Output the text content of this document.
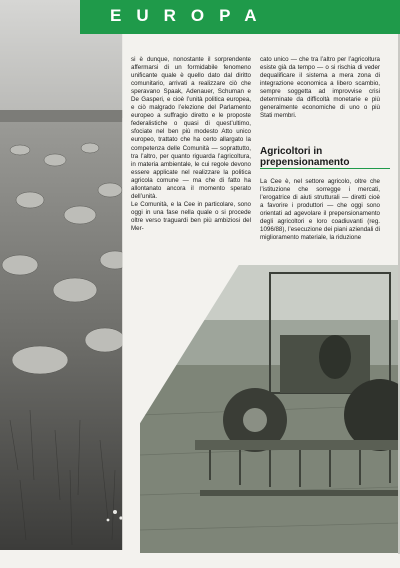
EUROPA

si è dunque, nonostante il sorprendente affermarsi di un formidabile fenomeno unificante quale è quello dato dal diritto comunitario, arrivati a realizzare ciò che speravano Spaak, Adenauer, Schuman e De Gasperi, e cioè l’unità politica europea, e ciò malgrado l’elezione del Parlamento europeo a suffragio diretto e le proposte federalistiche o quasi di quest’ultimo, sfociate nel ben più modesto Atto unico europeo, trattato che ha certo allargato la competenza delle Comunità — soprattutto, tra l’altro, per quanto riguarda l’agricoltura, in materia ambientale, le cui regole devono essere applicate nel realizzare la politica agricola comune — ma che di fatto ha allontanato ancora il momento sperato dell’unità.

Le Comunità, e la Cee in particolare, sono oggi in una fase nella quale o si procede oltre verso traguardi ben più ambiziosi del Mer-

cato unico — che tra l’altro per l’agricoltura esiste già da tempo — o si rischia di veder dequalificare il sistema a mera zona di integrazione economica a libero scambio, sempre soggetta ad improvvise crisi determinate da difficoltà monetarie e più generalmente economiche di uno o più Stati membri.

Agricoltori in prepensionamento

La Cee è, nel settore agricolo, oltre che l’istituzione che sorregge i mercati, l’erogatrice di aiuti strutturali — diretti cioè a favorire i produttori — che oggi sono orientati ad agevolare il prepensionamento degli agricoltori e loro coadiuvanti (reg. 1096/88), l’esecuzione dei piani aziendali di miglioramento materiale, la riduzione
